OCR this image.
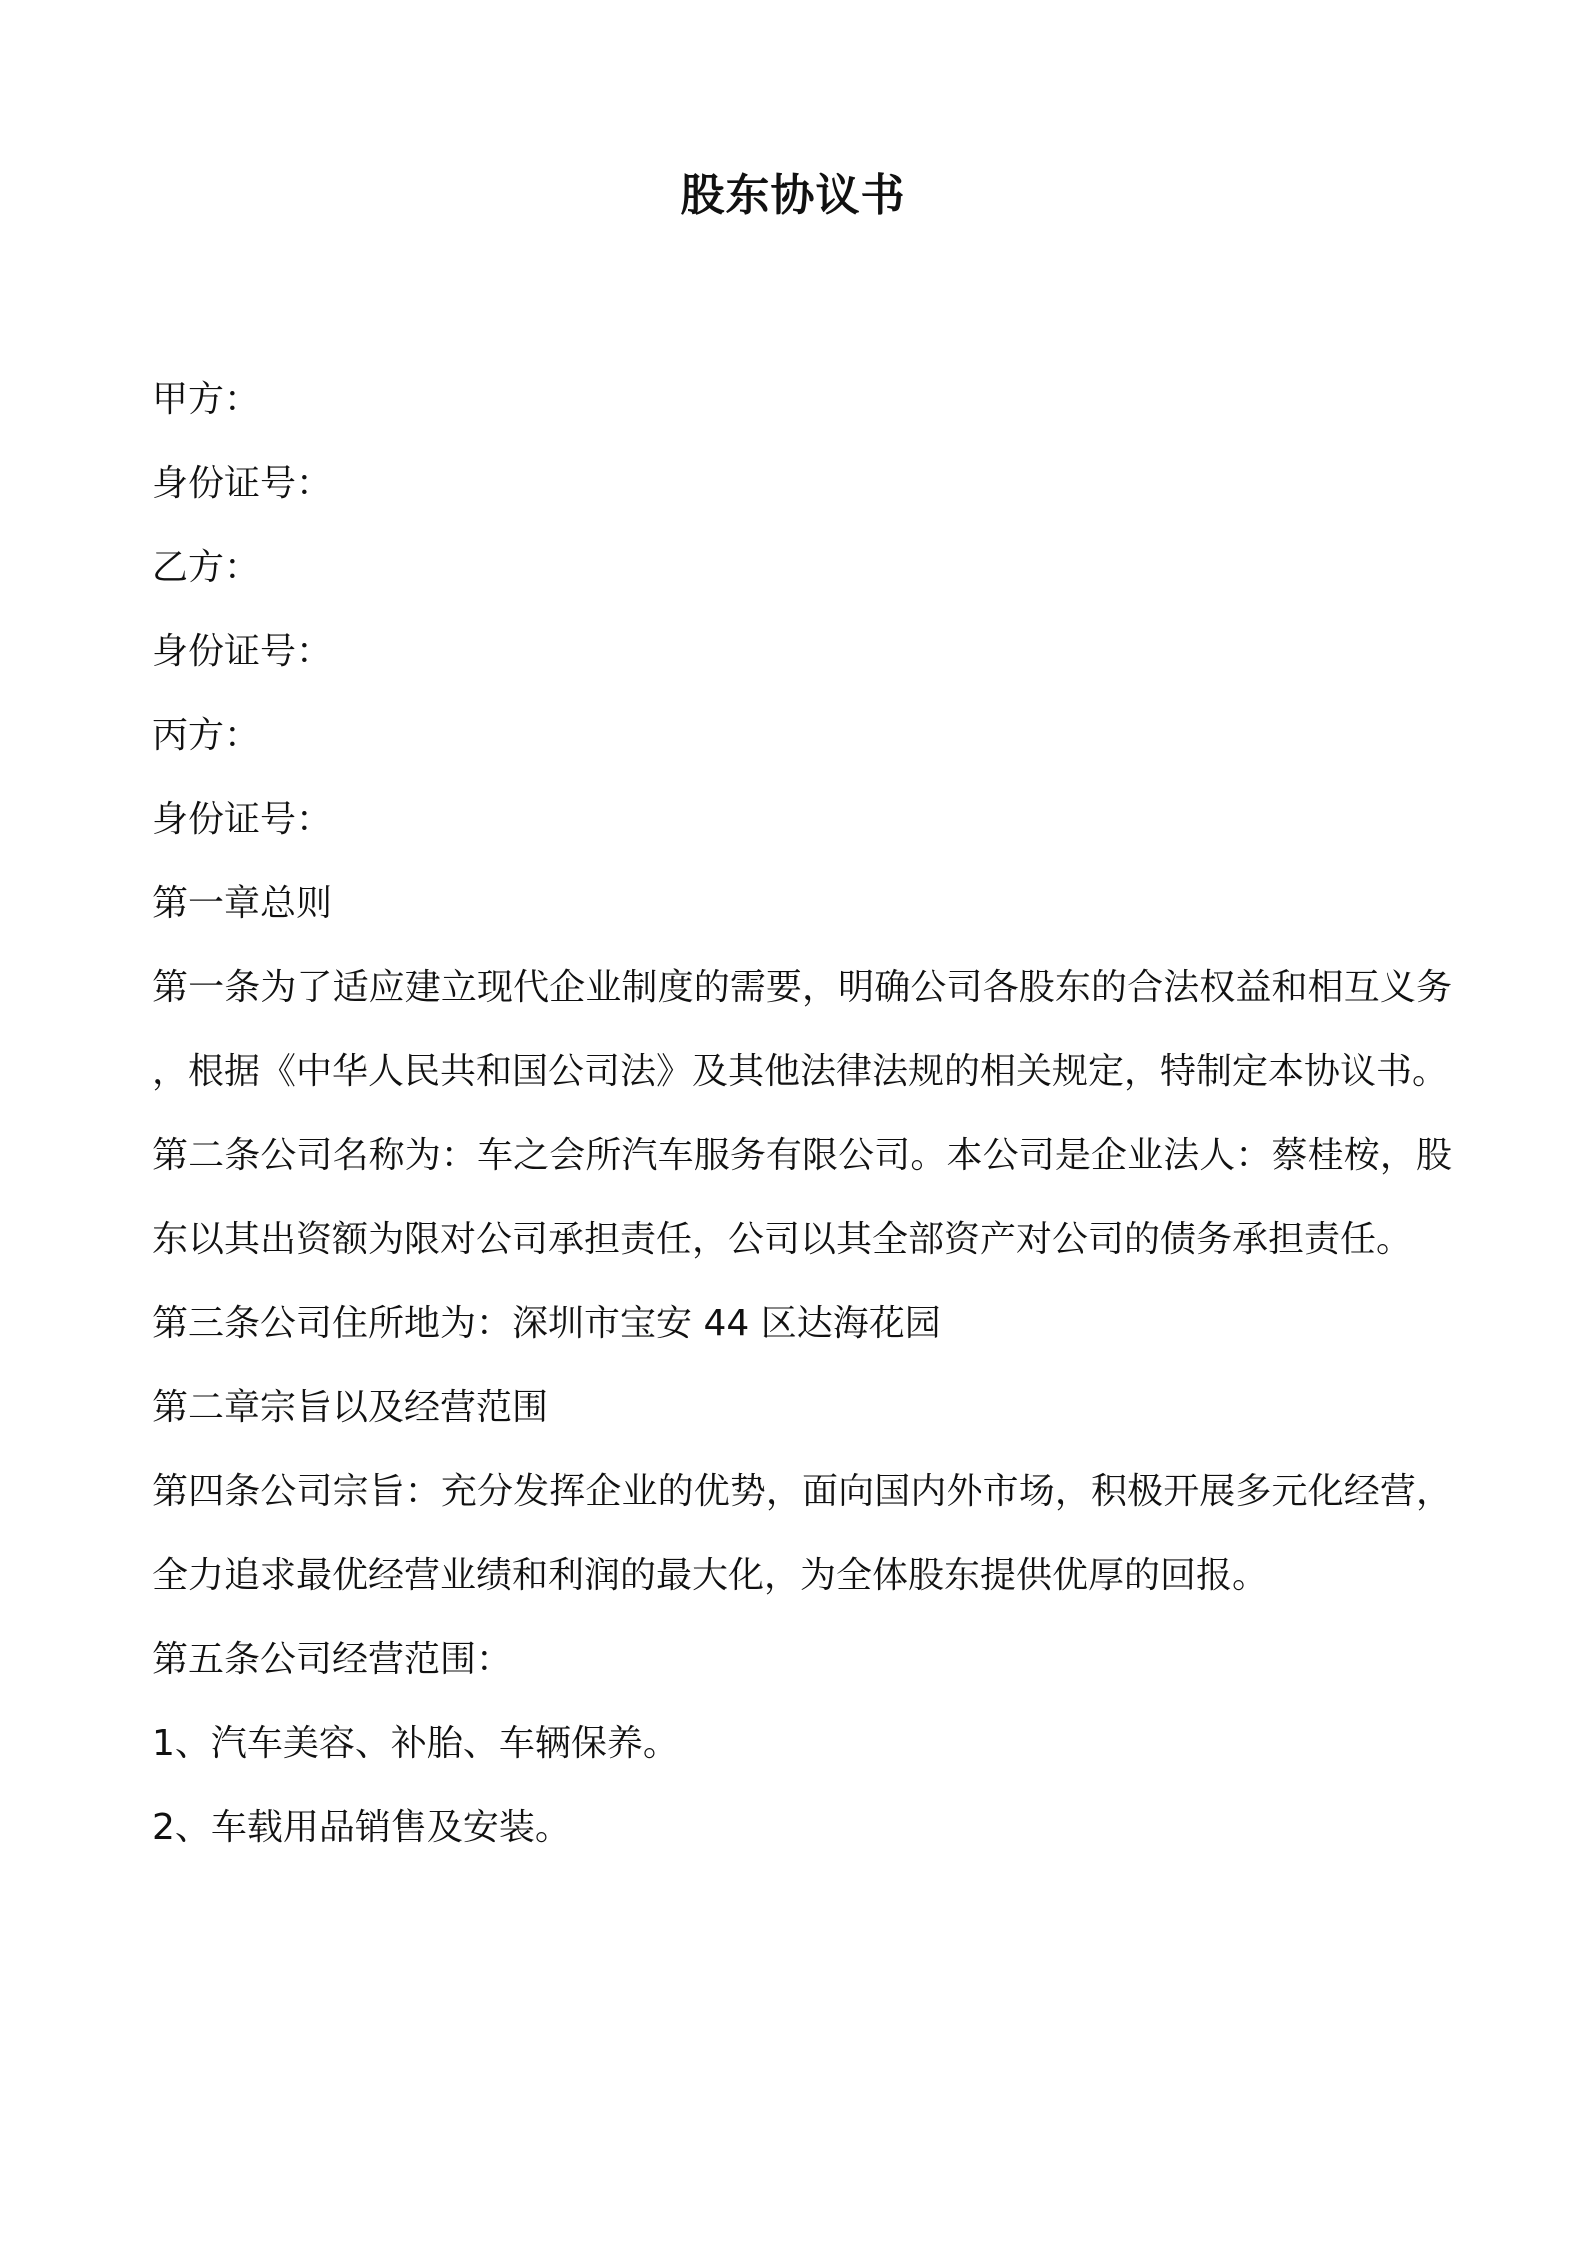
股东协议书

甲方：

身份证号：

乙方：

身份证号：

丙方：

身份证号：

第一章总则

第一条为了适应建立现代企业制度的需要，明确公司各股东的合法权益和相互义务，根据《中华人民共和国公司法》及其他法律法规的相关规定，特制定本协议书。

第二条公司名称为：车之会所汽车服务有限公司。本公司是企业法人：蔡桂桉，股东以其出资额为限对公司承担责任，公司以其全部资产对公司的债务承担责任。

第三条公司住所地为：深圳市宝安 44 区达海花园

第二章宗旨以及经营范围

第四条公司宗旨：充分发挥企业的优势，面向国内外市场，积极开展多元化经营，全力追求最优经营业绩和利润的最大化，为全体股东提供优厚的回报。

第五条公司经营范围：

1、汽车美容、补胎、车辆保养。

2、车载用品销售及安装。
